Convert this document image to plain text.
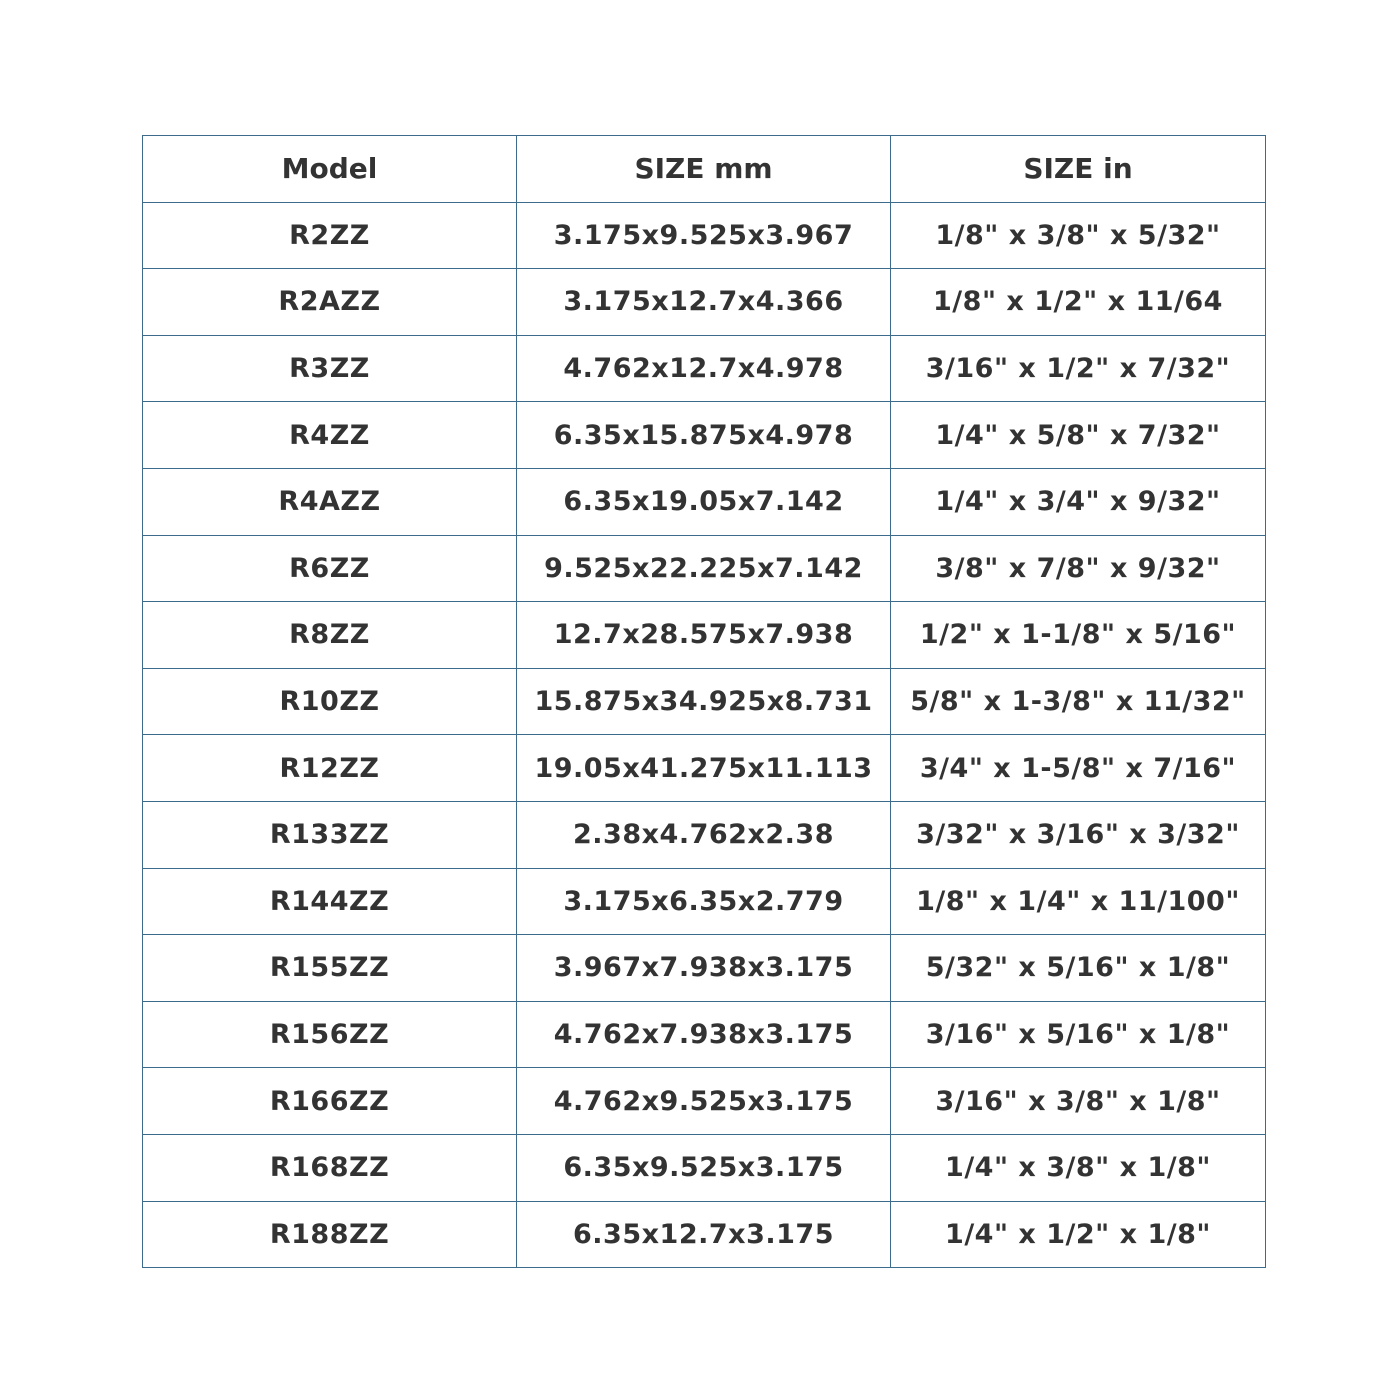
Model	SIZE mm	SIZE in
R2ZZ	3.175x9.525x3.967	1/8" x 3/8" x 5/32"
R2AZZ	3.175x12.7x4.366	1/8" x 1/2" x 11/64
R3ZZ	4.762x12.7x4.978	3/16" x 1/2" x 7/32"
R4ZZ	6.35x15.875x4.978	1/4" x 5/8" x 7/32"
R4AZZ	6.35x19.05x7.142	1/4" x 3/4" x 9/32"
R6ZZ	9.525x22.225x7.142	3/8" x 7/8" x 9/32"
R8ZZ	12.7x28.575x7.938	1/2" x 1-1/8" x 5/16"
R10ZZ	15.875x34.925x8.731	5/8" x 1-3/8" x 11/32"
R12ZZ	19.05x41.275x11.113	3/4" x 1-5/8" x 7/16"
R133ZZ	2.38x4.762x2.38	3/32" x 3/16" x 3/32"
R144ZZ	3.175x6.35x2.779	1/8" x 1/4" x 11/100"
R155ZZ	3.967x7.938x3.175	5/32" x 5/16" x 1/8"
R156ZZ	4.762x7.938x3.175	3/16" x 5/16" x 1/8"
R166ZZ	4.762x9.525x3.175	3/16" x 3/8" x 1/8"
R168ZZ	6.35x9.525x3.175	1/4" x 3/8" x 1/8"
R188ZZ	6.35x12.7x3.175	1/4" x 1/2" x 1/8"
